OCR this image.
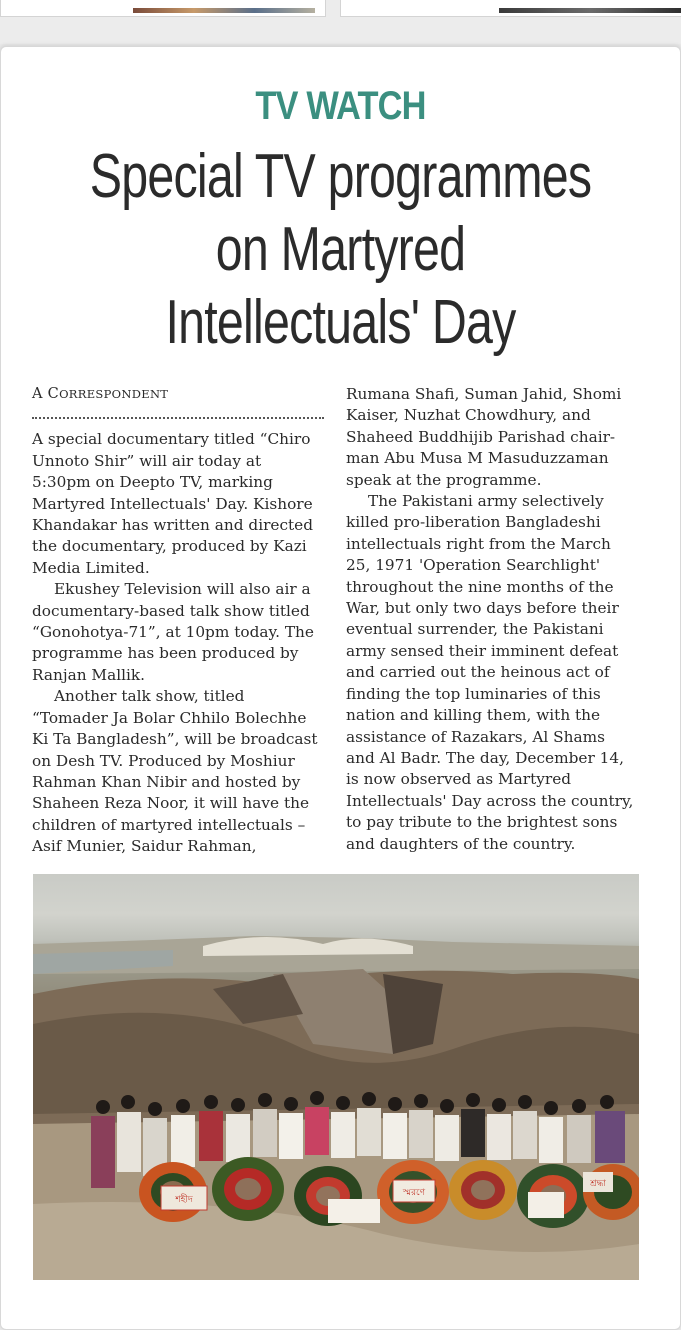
TV WATCH
Special TV programmes
on Martyred
Intellectuals' Day
A CORRESPONDENT

A special documentary titled “Chiro Unnoto Shir” will air today at 5:30pm on Deepto TV, marking Martyred Intellectuals' Day. Kishore Khandakar has written and directed the documentary, produced by Kazi Media Limited.

Ekushey Television will also air a documentary-based talk show titled “Gonohotya-71”, at 10pm today. The programme has been produced by Ranjan Mallik.

Another talk show, titled “Tomader Ja Bolar Chhilo Bolechhe Ki Ta Bangladesh”, will be broadcast on Desh TV. Produced by Moshiur Rahman Khan Nibir and hosted by Shaheen Reza Noor, it will have the children of martyred intellectuals – Asif Munier, Saidur Rahman,

Rumana Shafi, Suman Jahid, Shomi Kaiser, Nuzhat Chowdhury, and Shaheed Buddhijib Parishad chair-man Abu Musa M Masuduzzaman speak at the programme.

The Pakistani army selectively killed pro-liberation Bangladeshi intellectuals right from the March 25, 1971 'Operation Searchlight' throughout the nine months of the War, but only two days before their eventual surrender, the Pakistani army sensed their imminent defeat and carried out the heinous act of finding the top luminaries of this nation and killing them, with the assistance of Razakars, Al Shams and Al Badr. The day, December 14, is now observed as Martyred Intellectuals' Day across the country, to pay tribute to the brightest sons and daughters of the country.

শহীদ
স্মরণে
শ্রদ্ধা
